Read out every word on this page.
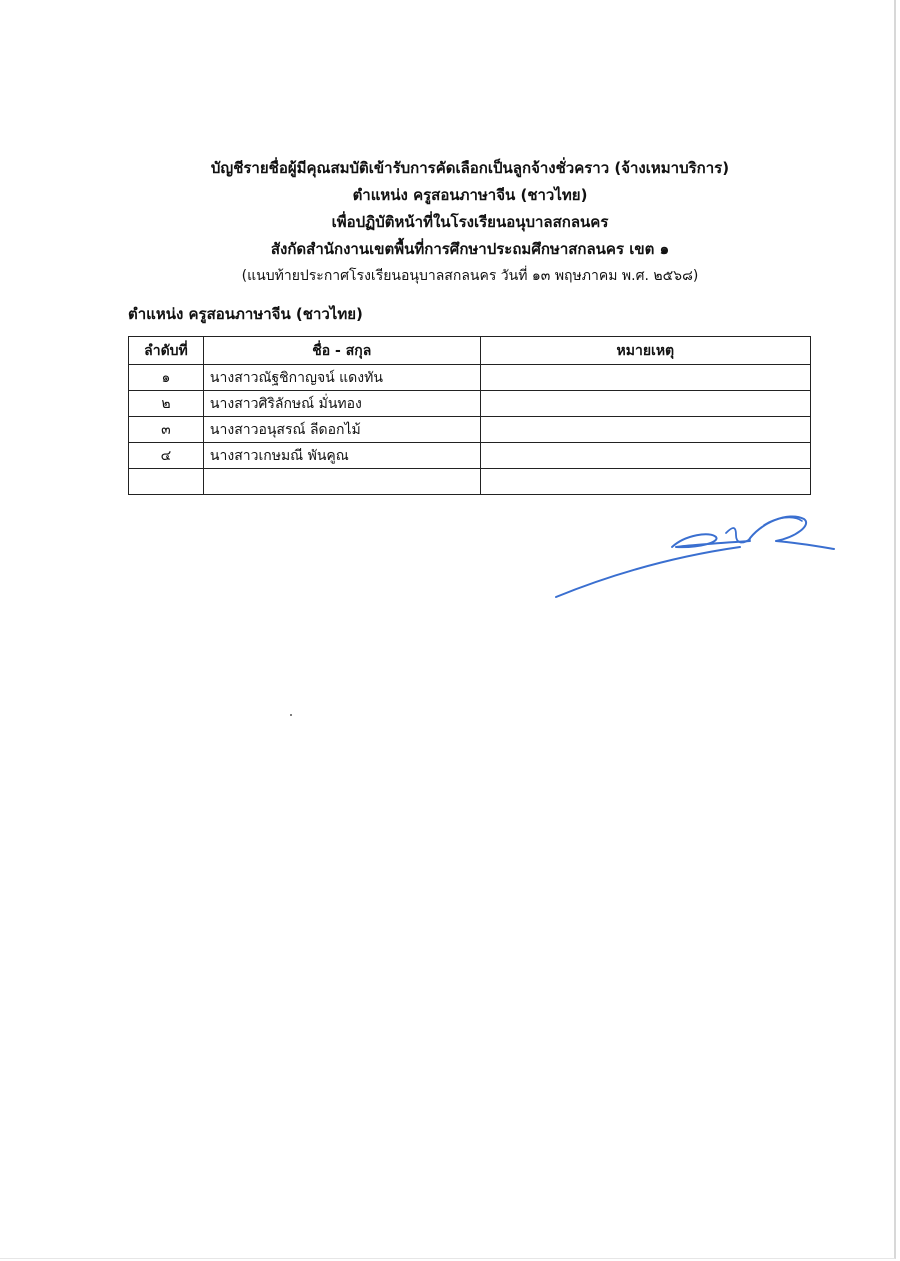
บัญชีรายชื่อผู้มีคุณสมบัติเข้ารับการคัดเลือกเป็นลูกจ้างชั่วคราว (จ้างเหมาบริการ)
ตำแหน่ง ครูสอนภาษาจีน (ชาวไทย)
เพื่อปฏิบัติหน้าที่ในโรงเรียนอนุบาลสกลนคร
สังกัดสำนักงานเขตพื้นที่การศึกษาประถมศึกษาสกลนคร เขต ๑
(แนบท้ายประกาศโรงเรียนอนุบาลสกลนคร วันที่ ๑๓ พฤษภาคม พ.ศ. ๒๕๖๘)
ตำแหน่ง ครูสอนภาษาจีน (ชาวไทย)
ลำดับที่	ชื่อ - สกุล	หมายเหตุ
๑	นางสาวณัฐชิกาญจน์ แดงทัน	
๒	นางสาวศิริลักษณ์ มั่นทอง	
๓	นางสาวอนุสรณ์ ลีดอกไม้	
๔	นางสาวเกษมณี พันคูณ	
